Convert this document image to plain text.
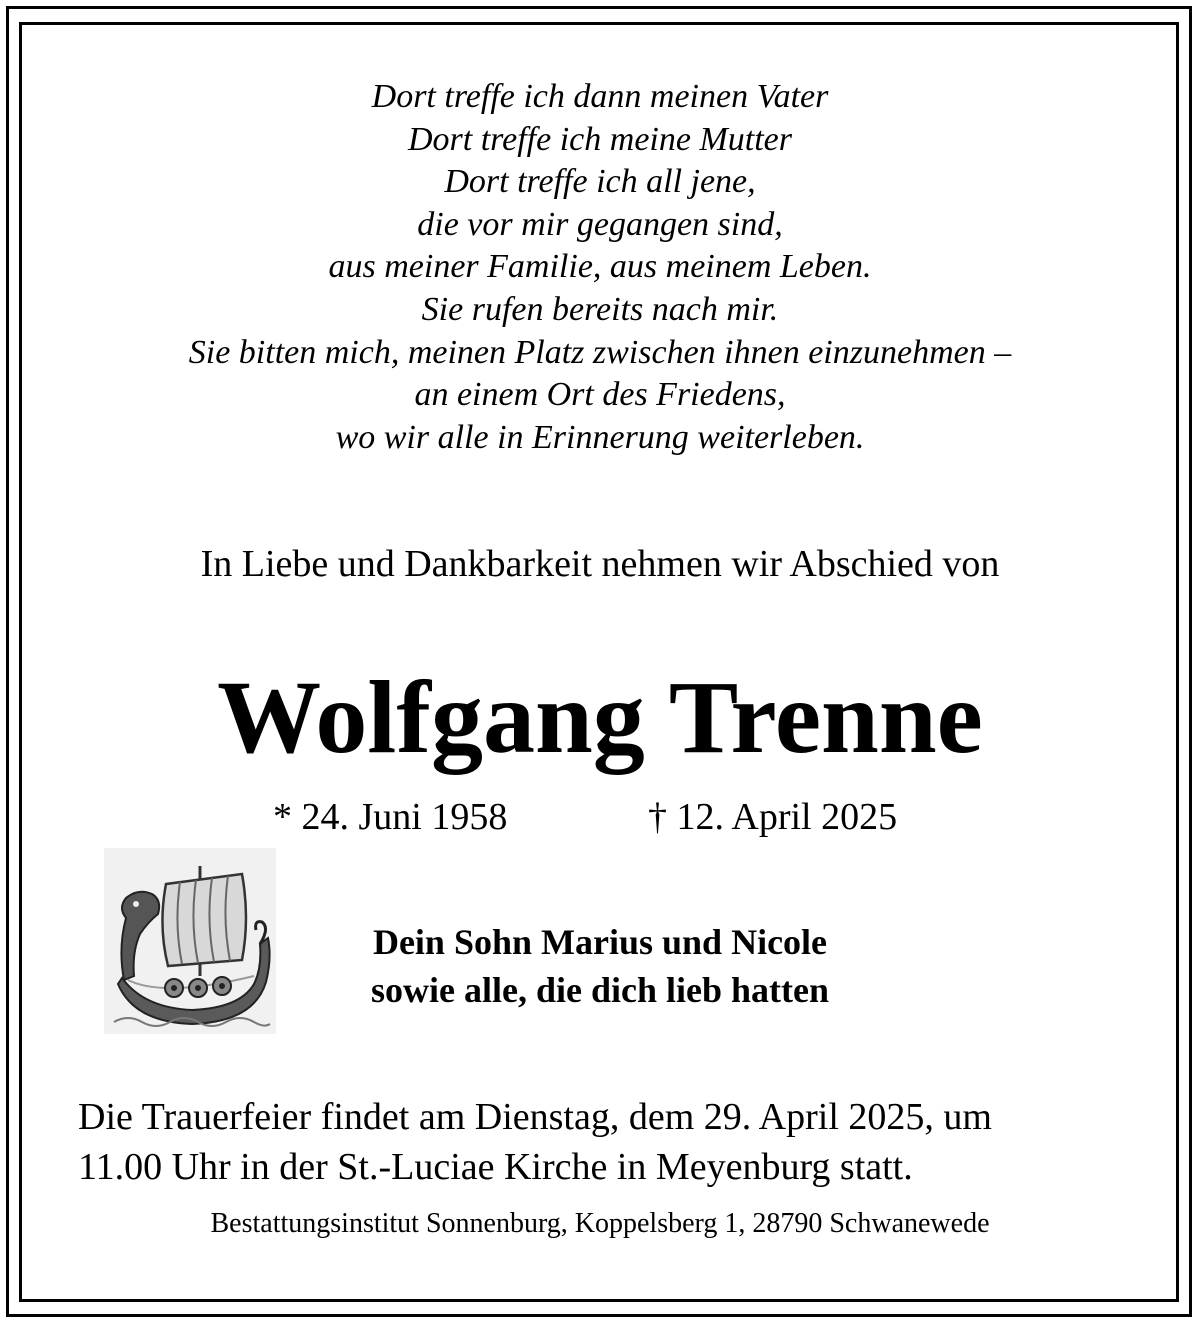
Dort treffe ich dann meinen Vater
Dort treffe ich meine Mutter
Dort treffe ich all jene,
die vor mir gegangen sind,
aus meiner Familie, aus meinem Leben.
Sie rufen bereits nach mir.
Sie bitten mich, meinen Platz zwischen ihnen einzunehmen –
an einem Ort des Friedens,
wo wir alle in Erinnerung weiterleben.
In Liebe und Dankbarkeit nehmen wir Abschied von
Wolfgang Trenne
* 24. Juni 1958	† 12. April 2025
Dein Sohn Marius und Nicole
sowie alle, die dich lieb hatten
Die Trauerfeier findet am Dienstag, dem 29. April 2025, um
11.00 Uhr in der St.-Luciae Kirche in Meyenburg statt.
Bestattungsinstitut Sonnenburg, Koppelsberg 1, 28790 Schwanewede
